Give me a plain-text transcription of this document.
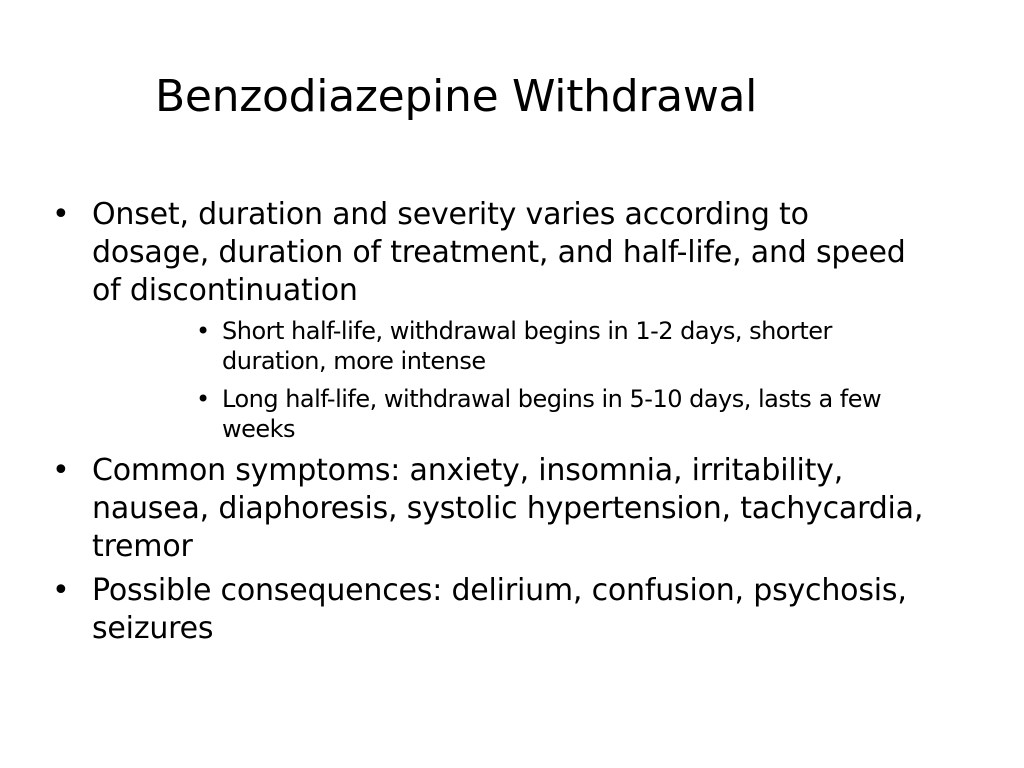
Benzodiazepine Withdrawal
• Onset, duration and severity varies according to dosage, duration of treatment, and half-life, and speed of discontinuation
• Short half-life, withdrawal begins in 1-2 days, shorter duration, more intense
• Long half-life, withdrawal begins in 5-10 days, lasts a few weeks
• Common symptoms: anxiety, insomnia, irritability, nausea, diaphoresis, systolic hypertension, tachycardia, tremor
• Possible consequences: delirium, confusion, psychosis, seizures
